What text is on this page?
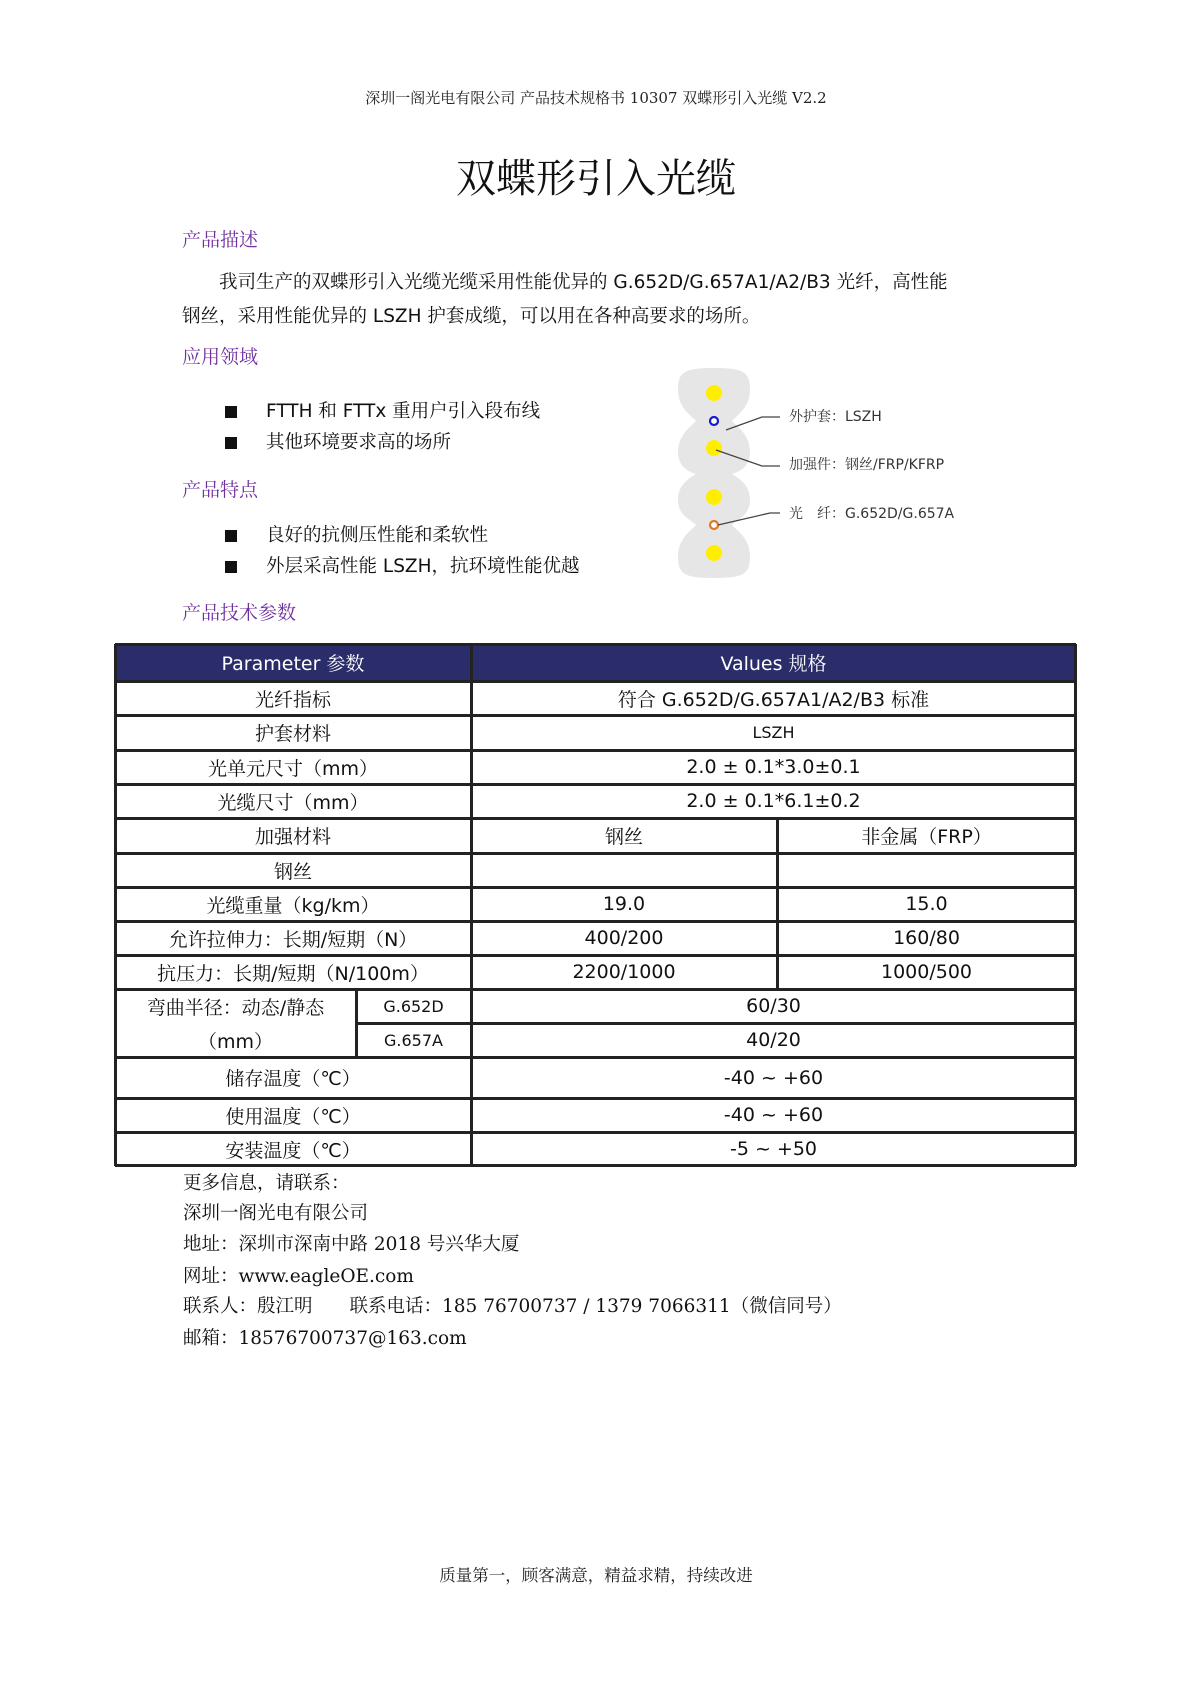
深圳一阁光电有限公司 产品技术规格书 10307 双蝶形引入光缆 V2.2
双蝶形引入光缆
产品描述
我司生产的双蝶形引入光缆光缆采用性能优异的 G.652D/G.657A1/A2/B3 光纤，高性能
钢丝，采用性能优异的 LSZH 护套成缆，可以用在各种高要求的场所。
应用领域
FTTH 和 FTTx 重用户引入段布线
其他环境要求高的场所
产品特点
良好的抗侧压性能和柔软性
外层采高性能 LSZH，抗环境性能优越
产品技术参数
外护套：LSZH
加强件：钢丝/FRP/KFRP
光　纤：G.652D/G.657A
Parameter 参数	Values 规格
光纤指标	符合 G.652D/G.657A1/A2/B3 标准
护套材料	LSZH
光单元尺寸（mm）	2.0 ± 0.1*3.0±0.1
光缆尺寸（mm）	2.0 ± 0.1*6.1±0.2
加强材料	钢丝	非金属（FRP）
钢丝
光缆重量（kg/km）	19.0	15.0
允许拉伸力：长期/短期（N）	400/200	160/80
抗压力：长期/短期（N/100m）	2200/1000	1000/500
弯曲半径：动态/静态
（mm）
G.652D	60/30
G.657A	40/20
储存温度（℃）	-40 ~ +60
使用温度（℃）	-40 ~ +60
安装温度（℃）	-5 ~ +50
更多信息，请联系：
深圳一阁光电有限公司
地址：深圳市深南中路 2018 号兴华大厦
网址：www.eagleOE.com
联系人：殷江明　　联系电话：185 76700737 / 1379 7066311（微信同号）
邮箱：18576700737@163.com
质量第一，顾客满意，精益求精，持续改进
